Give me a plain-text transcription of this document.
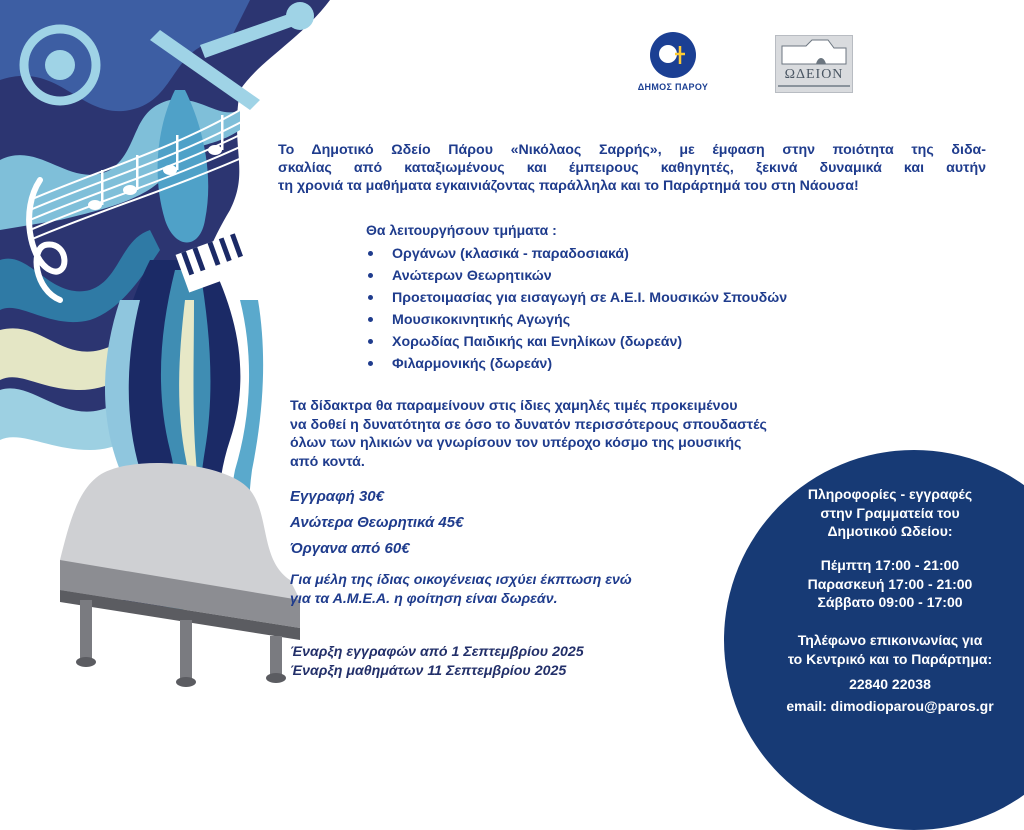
ΔΗΜΟΣ ΠΑΡΟΥ
ΩΔΕΙΟΝ

Το Δημοτικό Ωδείο Πάρου «Νικόλαος Σαρρής», με έμφαση στην ποιότητα της διδα-

σκαλίας από καταξιωμένους και έμπειρους καθηγητές, ξεκινά δυναμικά και αυτήν

τη χρονιά τα μαθήματα εγκαινιάζοντας παράλληλα και το Παράρτημά του στη Νάουσα!

Θα λειτουργήσουν τμήματα :
Οργάνων (κλασικά - παραδοσιακά)
Ανώτερων Θεωρητικών
Προετοιμασίας για εισαγωγή σε Α.Ε.Ι. Μουσικών Σπουδών
Μουσικοκινητικής Αγωγής
Χορωδίας Παιδικής και Ενηλίκων (δωρεάν)
Φιλαρμονικής (δωρεάν)

Τα δίδακτρα θα παραμείνουν στις ίδιες χαμηλές τιμές προκειμένου

να δοθεί η δυνατότητα σε όσο το δυνατόν περισσότερους σπουδαστές

όλων των ηλικιών να γνωρίσουν τον υπέροχο κόσμο της μουσικής

από κοντά.

Εγγραφή 30€
Ανώτερα Θεωρητικά 45€
Όργανα από 60€

Για μέλη της ίδιας οικογένειας ισχύει έκπτωση ενώ

για τα Α.Μ.Ε.Α. η φοίτηση είναι δωρεάν.

Έναρξη εγγραφών από 1 Σεπτεμβρίου 2025

Έναρξη μαθημάτων 11 Σεπτεμβρίου 2025

Πληροφορίες - εγγραφές

στην Γραμματεία του

Δημοτικού Ωδείου:

Πέμπτη 17:00 - 21:00

Παρασκευή 17:00 - 21:00

Σάββατο 09:00 - 17:00

Τηλέφωνο επικοινωνίας για

το Κεντρικό και το Παράρτημα:

22840 22038
email: dimodioparou@paros.gr
